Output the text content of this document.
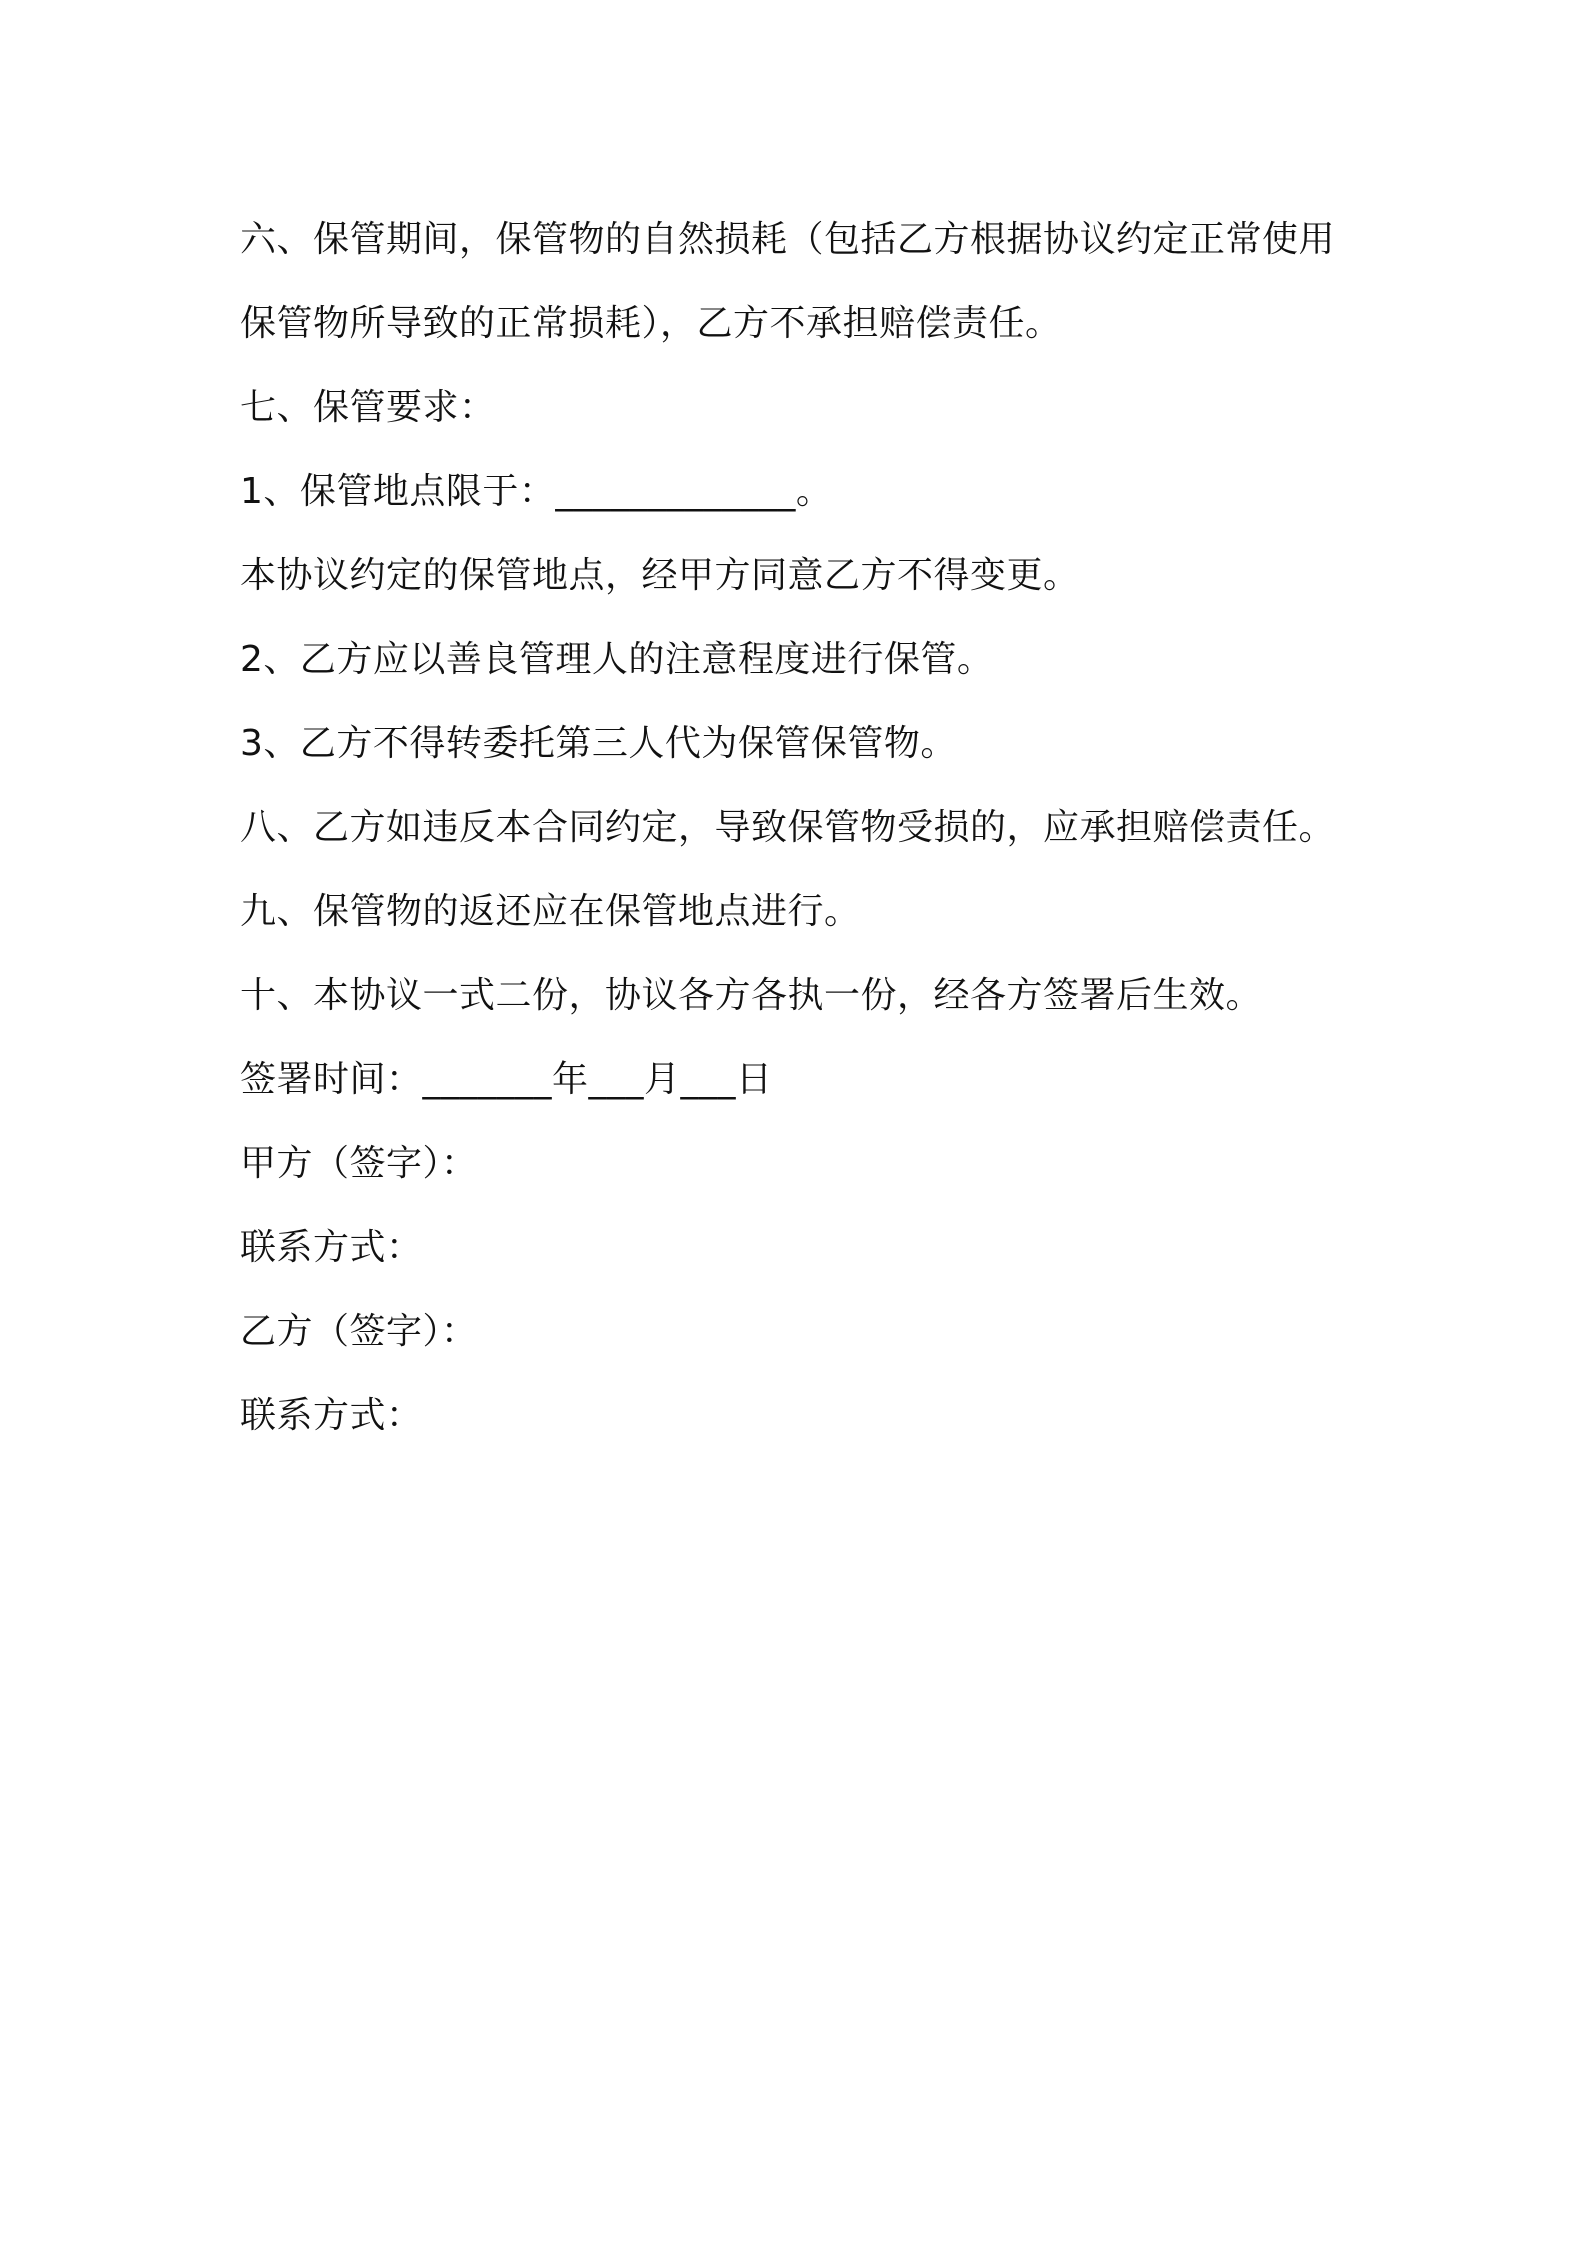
六、保管期间，保管物的自然损耗（包括乙方根据协议约定正常使用
保管物所导致的正常损耗），乙方不承担赔偿责任。
七、保管要求：
1、保管地点限于：_____________。
本协议约定的保管地点，经甲方同意乙方不得变更。
2、乙方应以善良管理人的注意程度进行保管。
3、乙方不得转委托第三人代为保管保管物。
八、乙方如违反本合同约定，导致保管物受损的，应承担赔偿责任。
九、保管物的返还应在保管地点进行。
十、本协议一式二份，协议各方各执一份，经各方签署后生效。
签署时间：_______年___月___日
甲方（签字）：
联系方式：
乙方（签字）：
联系方式：
